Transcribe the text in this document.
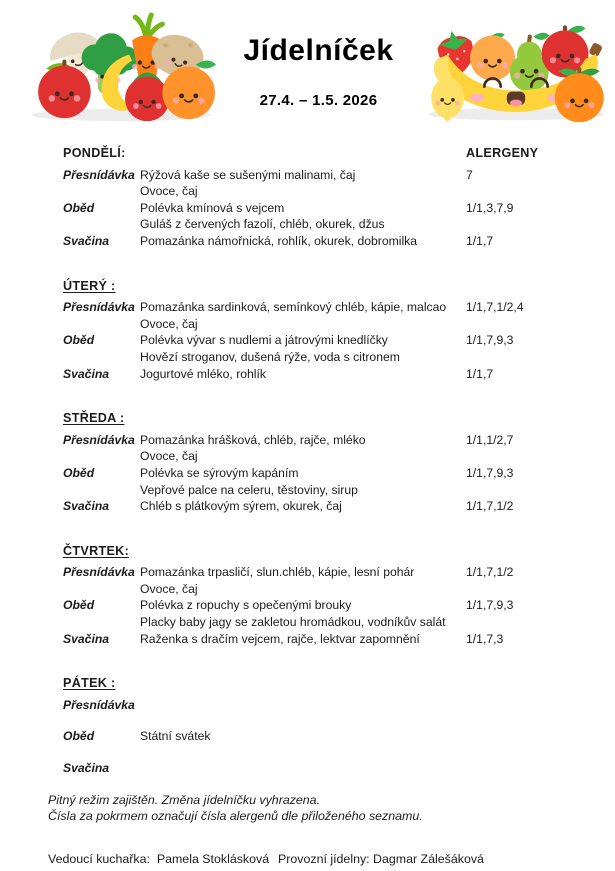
Jídelníček
27.4. – 1.5. 2026
PONDĚLÍ:	ALERGENY
Přesnídávka Rýžová kaše se sušenými malinami, čaj	7
Ovoce, čaj
Oběd	Polévka kmínová s vejcem	1/1,3,7,9
Guláš z červených fazolí, chléb, okurek, džus
Svačina	Pomazánka námořnická, rohlík, okurek, dobromilka	1/1,7
ÚTERÝ :
Přesnídávka Pomazánka sardinková, semínkový chléb, kápie, malcao	1/1,7,1/2,4
Ovoce, čaj
Oběd	Polévka vývar s nudlemi a játrovými knedlíčky	1/1,7,9,3
Hovězí stroganov, dušená rýže, voda s citronem
Svačina	Jogurtové mléko, rohlík	1/1,7
STŘEDA :
Přesnídávka Pomazánka hrášková, chléb, rajče, mléko	1/1,1/2,7
Ovoce, čaj
Oběd	Polévka se sýrovým kapáním	1/1,7,9,3
Vepřové palce na celeru, těstoviny, sirup
Svačina	Chléb s plátkovým sýrem, okurek, čaj	1/1,7,1/2
ČTVRTEK:
Přesnídávka Pomazánka trpasličí, slun.chléb, kápie, lesní pohár	1/1,7,1/2
Ovoce, čaj
Oběd	Polévka z ropuchy s opečenými brouky	1/1,7,9,3
Placky baby jagy se zakletou hromádkou, vodníkův salát
Svačina	Raženka s dračím vejcem, rajče, lektvar zapomnění	1/1,7,3
PÁTEK :
Přesnídávka
Oběd	Státní svátek
Svačina

Pitný režim zajištěn. Změna jídelníčku vyhrazena.

Čísla za pokrmem označují čísla alergenů dle přiloženého seznamu.

Vedoucí kuchařka:  Pamela Stoklásková Provozní jídelny: Dagmar Zálešáková
